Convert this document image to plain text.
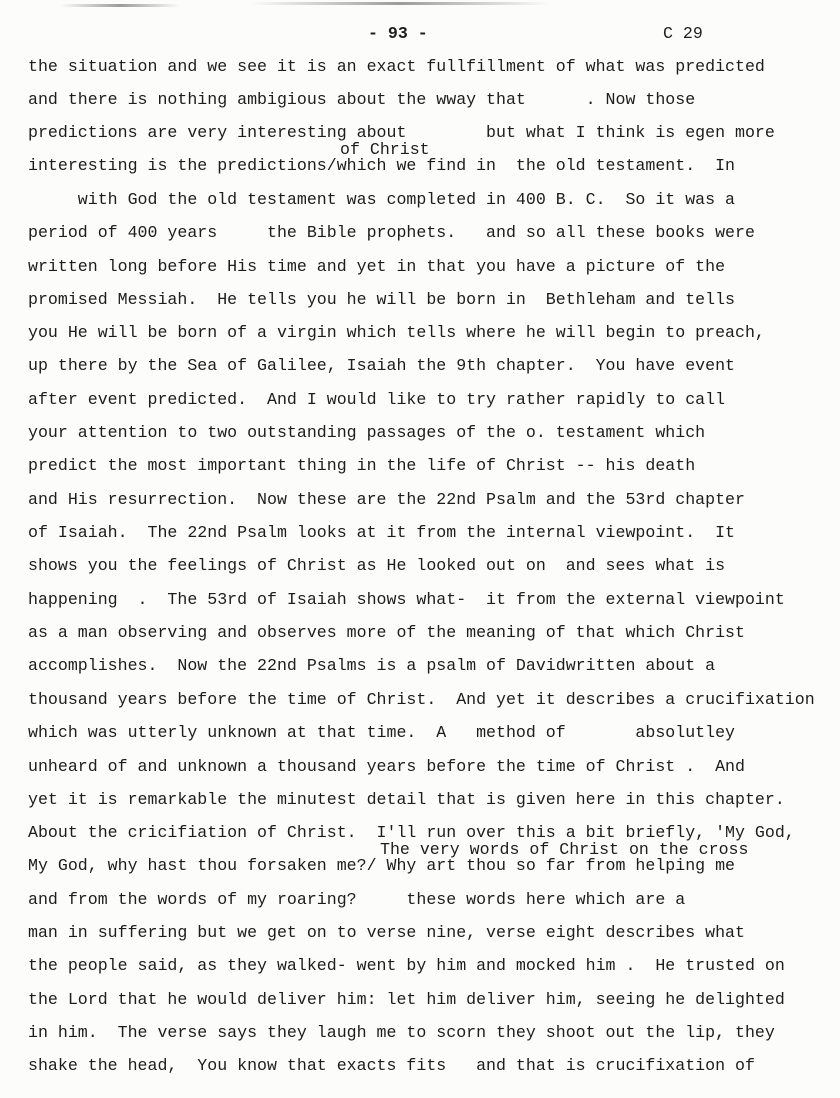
- 93 -	C 29
the situation and we see it is an exact fullfillment of what was predicted
and there is nothing ambigious about the wway that      . Now those
predictions are very interesting about        but what I think is egen more
interesting is the predictions/which we find in  the old testament.  In
with God the old testament was completed in 400 B. C.  So it was a
period of 400 years     the Bible prophets.   and so all these books were
written long before His time and yet in that you have a picture of the
promised Messiah.  He tells you he will be born in  Bethleham and tells
you He will be born of a virgin which tells where he will begin to preach,
up there by the Sea of Galilee, Isaiah the 9th chapter.  You have event
after event predicted.  And I would like to try rather rapidly to call
your attention to two outstanding passages of the o. testament which
predict the most important thing in the life of Christ -- his death
and His resurrection.  Now these are the 22nd Psalm and the 53rd chapter
of Isaiah.  The 22nd Psalm looks at it from the internal viewpoint.  It
shows you the feelings of Christ as He looked out on  and sees what is
happening  .  The 53rd of Isaiah shows what-  it from the external viewpoint
as a man observing and observes more of the meaning of that which Christ
accomplishes.  Now the 22nd Psalms is a psalm of Davidwritten about a
thousand years before the time of Christ.  And yet it describes a crucifixation
which was utterly unknown at that time.  A   method of       absolutley
unheard of and unknown a thousand years before the time of Christ .  And
yet it is remarkable the minutest detail that is given here in this chapter.
About the cricifiation of Christ.  I'll run over this a bit briefly, 'My God,
My God, why hast thou forsaken me?/ Why art thou so far from helping me
and from the words of my roaring?     these words here which are a
man in suffering but we get on to verse nine, verse eight describes what
the people said, as they walked- went by him and mocked him .  He trusted on
the Lord that he would deliver him: let him deliver him, seeing he delighted
in him.  The verse says they laugh me to scorn they shoot out the lip, they
shake the head,  You know that exacts fits   and that is crucifixation of
of Christ
The very words of Christ on the cross
